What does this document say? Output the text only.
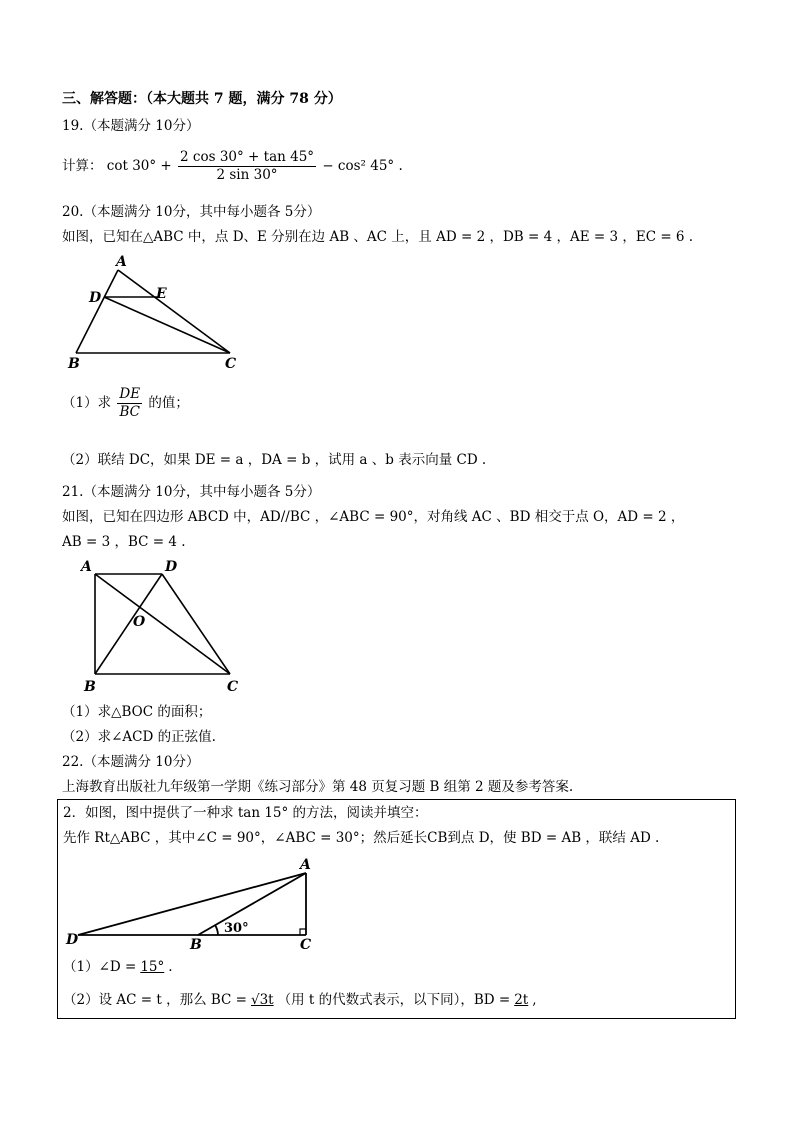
三、解答题：（本大题共 7 题，满分 78 分）
19.（本题满分 10分）
计算： $\cot 30^\circ + \frac{2 \cos 30^\circ + \tan 45^\circ}{2 \sin 30^\circ} - \cos^2$ 45° .
20.（本题满分 10分，其中每小题各 5分）
如图，已知在△ABC 中，点 D、E 分别在边 AB 、AC 上，且 AD = 2 ，DB = 4 ，AE = 3 ，EC = 6 .
A
D	E
B	C
（1）求 $\frac{DE}{BC}$ 的值；
（2）联结 DC，如果 DE = a ，DA = b ，试用 a 、b 表示向量 CD .
21.（本题满分 10分，其中每小题各 5分）
如图，已知在四边形 ABCD 中，AD//BC ，∠ABC = 90°，对角线 AC 、BD 相交于点 O，AD = 2 ，
AB = 3 ，BC = 4 .
A	D
O
B	C
（1）求△BOC 的面积；
（2）求∠ACD 的正弦值.
22.（本题满分 10分）
上海教育出版社九年级第一学期《练习部分》第 48 页复习题 B 组第 2 题及参考答案.
2．如图，图中提供了一种求 tan 15° 的方法，阅读并填空：
先作 Rt△ABC ，其中∠C = 90°，∠ABC = 30°；然后延长CB到点 D，使 BD = AB ，联结 AD .
A
D	B	C
30°
（1）∠D = 15° .
（2）设 AC = t ，那么 BC = √3t （用 t 的代数式表示，以下同），BD = 2t ,
